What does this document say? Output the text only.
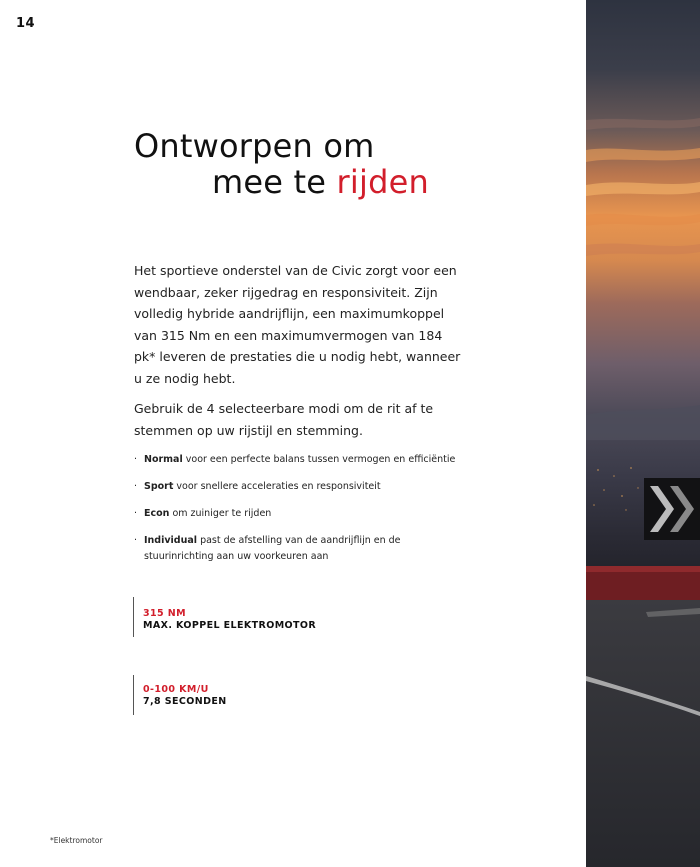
14
Ontworpen om
mee te rijden

Het sportieve onderstel van de Civic zorgt voor een wendbaar, zeker rijgedrag en responsiviteit. Zijn volledig hybride aandrijflijn, een maximumkoppel van 315 Nm en een maximumvermogen van 184 pk* leveren de prestaties die u nodig hebt, wanneer u ze nodig hebt.

Gebruik de 4 selecteerbare modi om de rit af te stemmen op uw rijstijl en stemming.

· Normal voor een perfecte balans tussen vermogen en efficiëntie
· Sport voor snellere acceleraties en responsiviteit
· Econ om zuiniger te rijden
· Individual past de afstelling van de aandrijflijn en de stuurinrichting aan uw voorkeuren aan
315 NM
MAX. KOPPEL ELEKTROMOTOR
0-100 KM/U
7,8 SECONDEN
*Elektromotor
